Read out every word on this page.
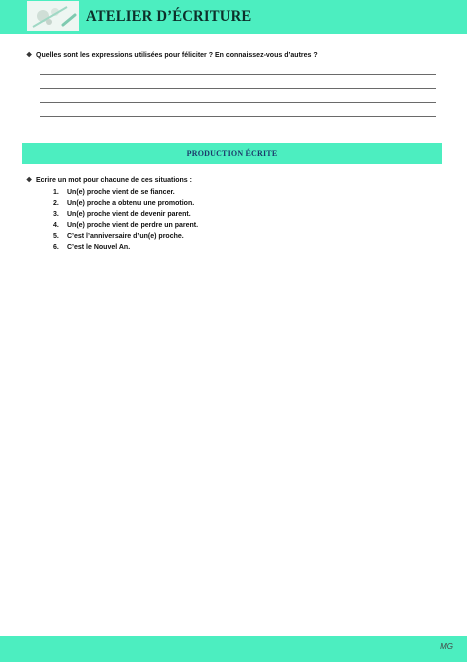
ATELIER D’ÉCRITURE
❖ Quelles sont les expressions utilisées pour féliciter ? En connaissez-vous d’autres ?
PRODUCTION ÉCRITE
❖ Ecrire un mot pour chacune de ces situations :
1. Un(e) proche vient de se fiancer.
2. Un(e) proche a obtenu une promotion.
3. Un(e) proche vient de devenir parent.
4. Un(e) proche vient de perdre un parent.
5. C’est l’anniversaire d’un(e) proche.
6. C’est le Nouvel An.
MG
